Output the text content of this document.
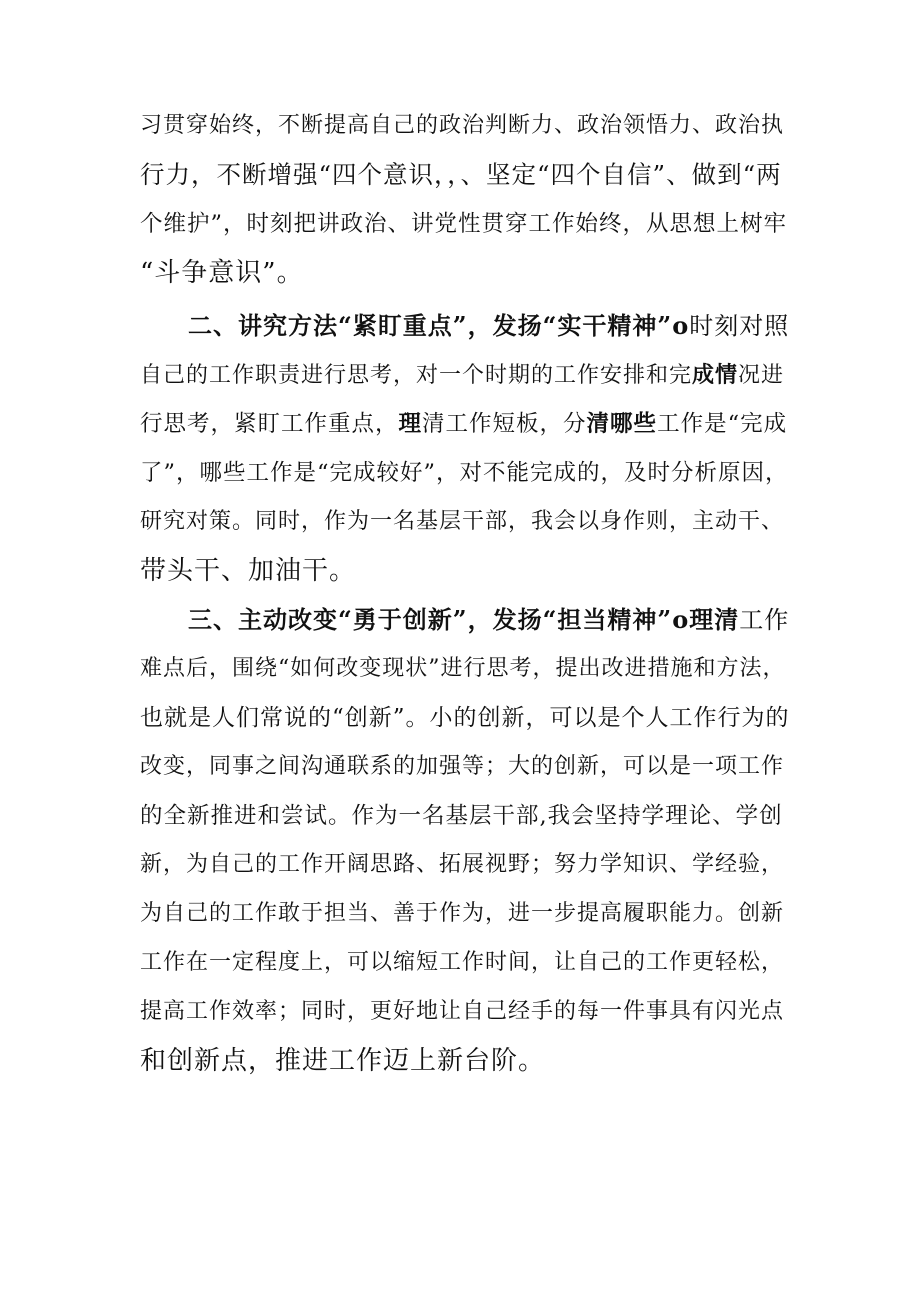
习贯穿始终，不断提高自己的政治判断力、政治领悟力、政治执
行力，不断增强“四个意识，，、坚定“四个自信”、做到“两
个维护”，时刻把讲政治、讲党性贯穿工作始终，从思想上树牢
“斗争意识”。
二、讲究方法“紧盯重点”，发扬“实干精神”o时刻对照
自己的工作职责进行思考，对一个时期的工作安排和完成情况进
行思考，紧盯工作重点，理清工作短板，分清哪些工作是“完成
了”，哪些工作是“完成较好”，对不能完成的，及时分析原因，
研究对策。同时，作为一名基层干部，我会以身作则，主动干、
带头干、加油干。
三、主动改变“勇于创新”，发扬“担当精神”o理清工作
难点后，围绕“如何改变现状”进行思考，提出改进措施和方法，
也就是人们常说的“创新”。小的创新，可以是个人工作行为的
改变，同事之间沟通联系的加强等；大的创新，可以是一项工作
的全新推进和尝试。作为一名基层干部,我会坚持学理论、学创
新，为自己的工作开阔思路、拓展视野；努力学知识、学经验，
为自己的工作敢于担当、善于作为，进一步提高履职能力。创新
工作在一定程度上，可以缩短工作时间，让自己的工作更轻松，
提高工作效率；同时，更好地让自己经手的每一件事具有闪光点
和创新点，推进工作迈上新台阶。
